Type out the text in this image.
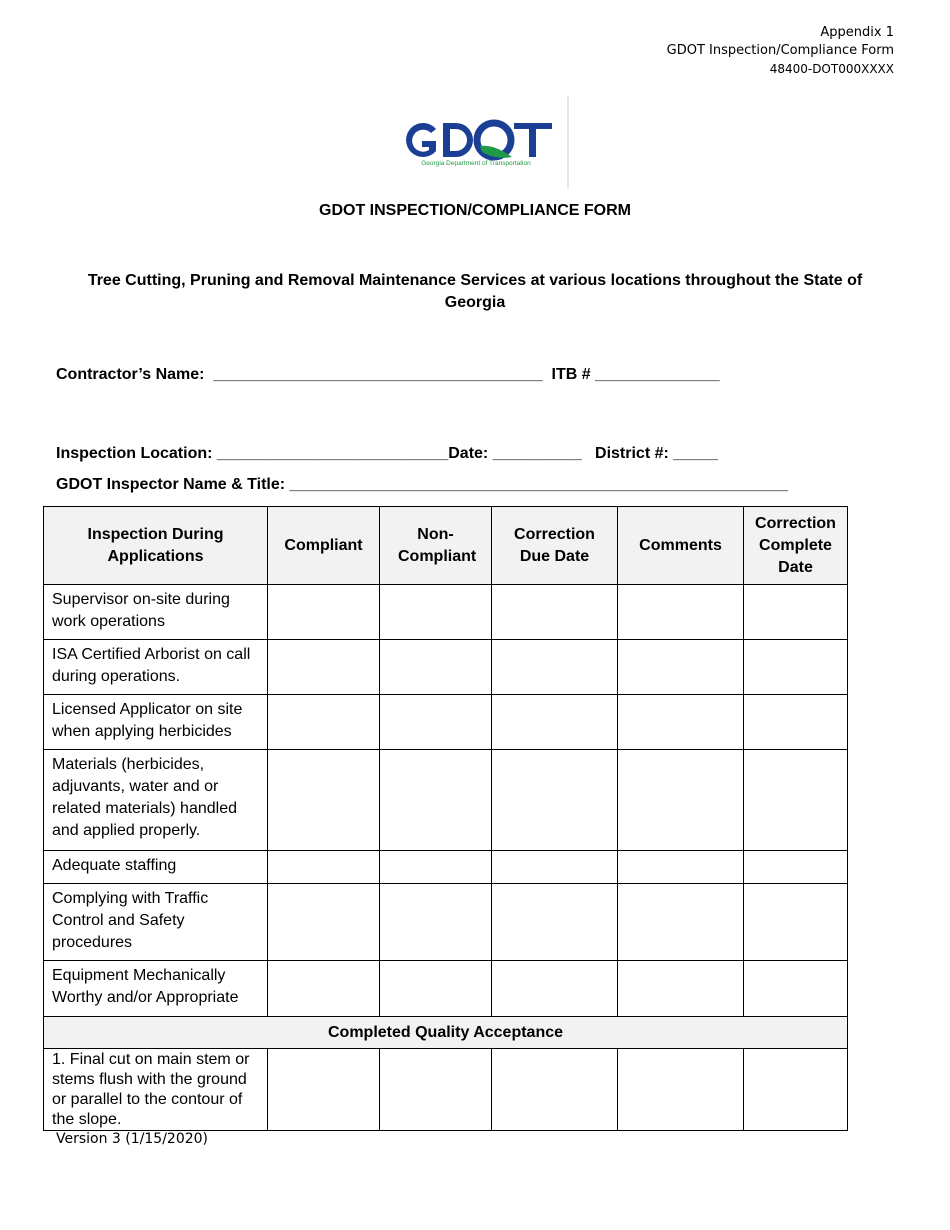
Appendix 1
GDOT Inspection/Compliance Form
48400-DOT000XXXX
Georgia Department of Transportation
GDOT INSPECTION/COMPLIANCE FORM
Tree Cutting, Pruning and Removal Maintenance Services at various locations throughout the State of Georgia
Contractor’s Name:  _____________________________________  ITB # ______________
Inspection Location: __________________________Date: __________   District #: _____
GDOT Inspector Name & Title: ________________________________________________________
Inspection During Applications	Compliant	Non-Compliant	Correction Due Date	Comments	Correction Complete Date
Supervisor on-site during work operations					
ISA Certified Arborist on call during operations.					
Licensed Applicator on site when applying herbicides					
Materials (herbicides, adjuvants, water and or related materials) handled and applied properly.					
Adequate staffing					
Complying with Traffic Control and Safety procedures					
Equipment Mechanically Worthy and/or Appropriate					
Completed Quality Acceptance					
1. Final cut on main stem or stems flush with the ground or parallel to the contour of the slope.					
Version 3 (1/15/2020)
